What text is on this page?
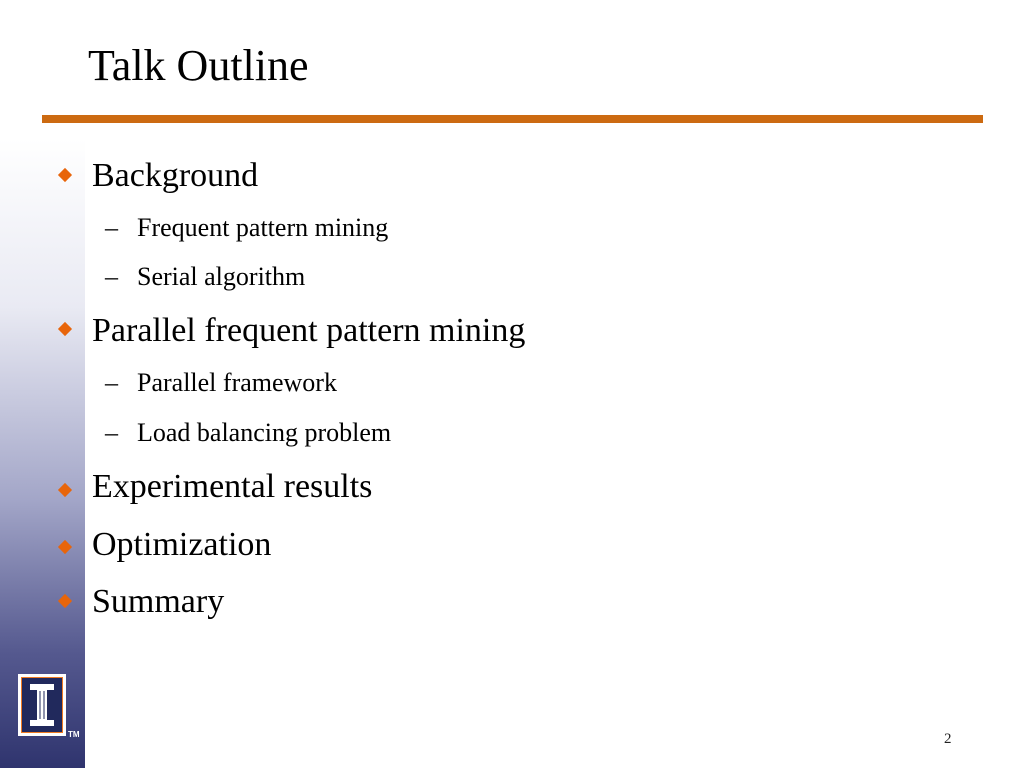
Talk Outline
Background
– Frequent pattern mining
– Serial algorithm
Parallel frequent pattern mining
– Parallel framework
– Load balancing problem
Experimental results
Optimization
Summary
TM	2
